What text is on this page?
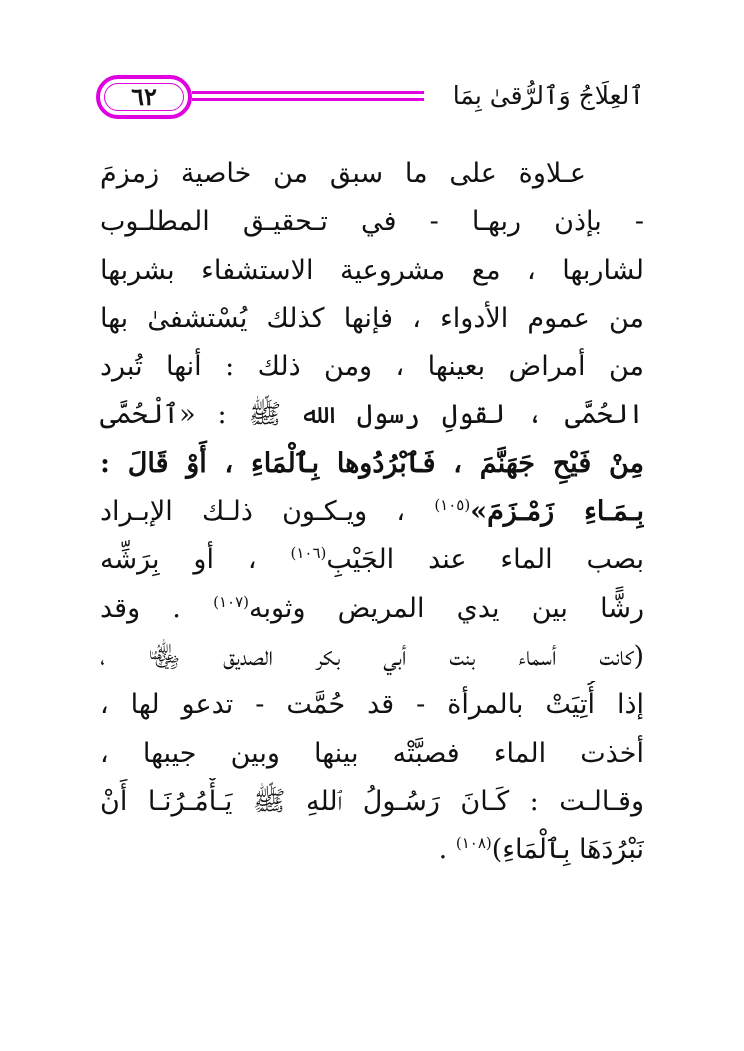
٦٢	ٱلعِلَاجُ وَٱلرُّقىٰ بِمَا
عـلاوة على ما سبق من خاصية زمزمَ
- بإذن ربهـا - في تـحقيـق المطلـوب
لشاربها ، مع مشروعية الاستشفاء بشربها
من عموم الأدواء ، فإنها كذلك يُسْتشفىٰ بها
من أمراض بعينها ، ومن ذلك : أنها تُبرد
الحُمَّى ، لقولِ رسول الله ﷺ : «ٱلْحُمَّى
مِنْ فَيْحِ جَهَنَّمَ ، فَٱبْرُدُوها بِٱلْمَاءِ ، أَوْ قَالَ :
بِـمَـاءِ زَمْـزَمَ»$^{(١٠٥)}$ ، ويـكـون ذلـك الإبـراد
بصب الماء عند الجَيْبِ$^{(١٠٦)}$ ، أو بِرَشِّه
رشًّا بين يدي المريض وثوبه$^{(١٠٧)}$ . وقد
(كانت أسماء بنت أبي بكر الصديق ﵄ ،
إذا أُتِيَتْ بالمرأة - قد حُمَّت - تدعو لها ،
أخذت الماء فصبَّتْه بينها وبين جيبها ،
وقـالـت : كَـانَ رَسُـولُ ٱللهِ ﷺ يَـأْمُـرُنَـا أَنْ
نَبْرُدَهَا بِٱلْمَاءِ)$^{(١٠٨)}$ .
